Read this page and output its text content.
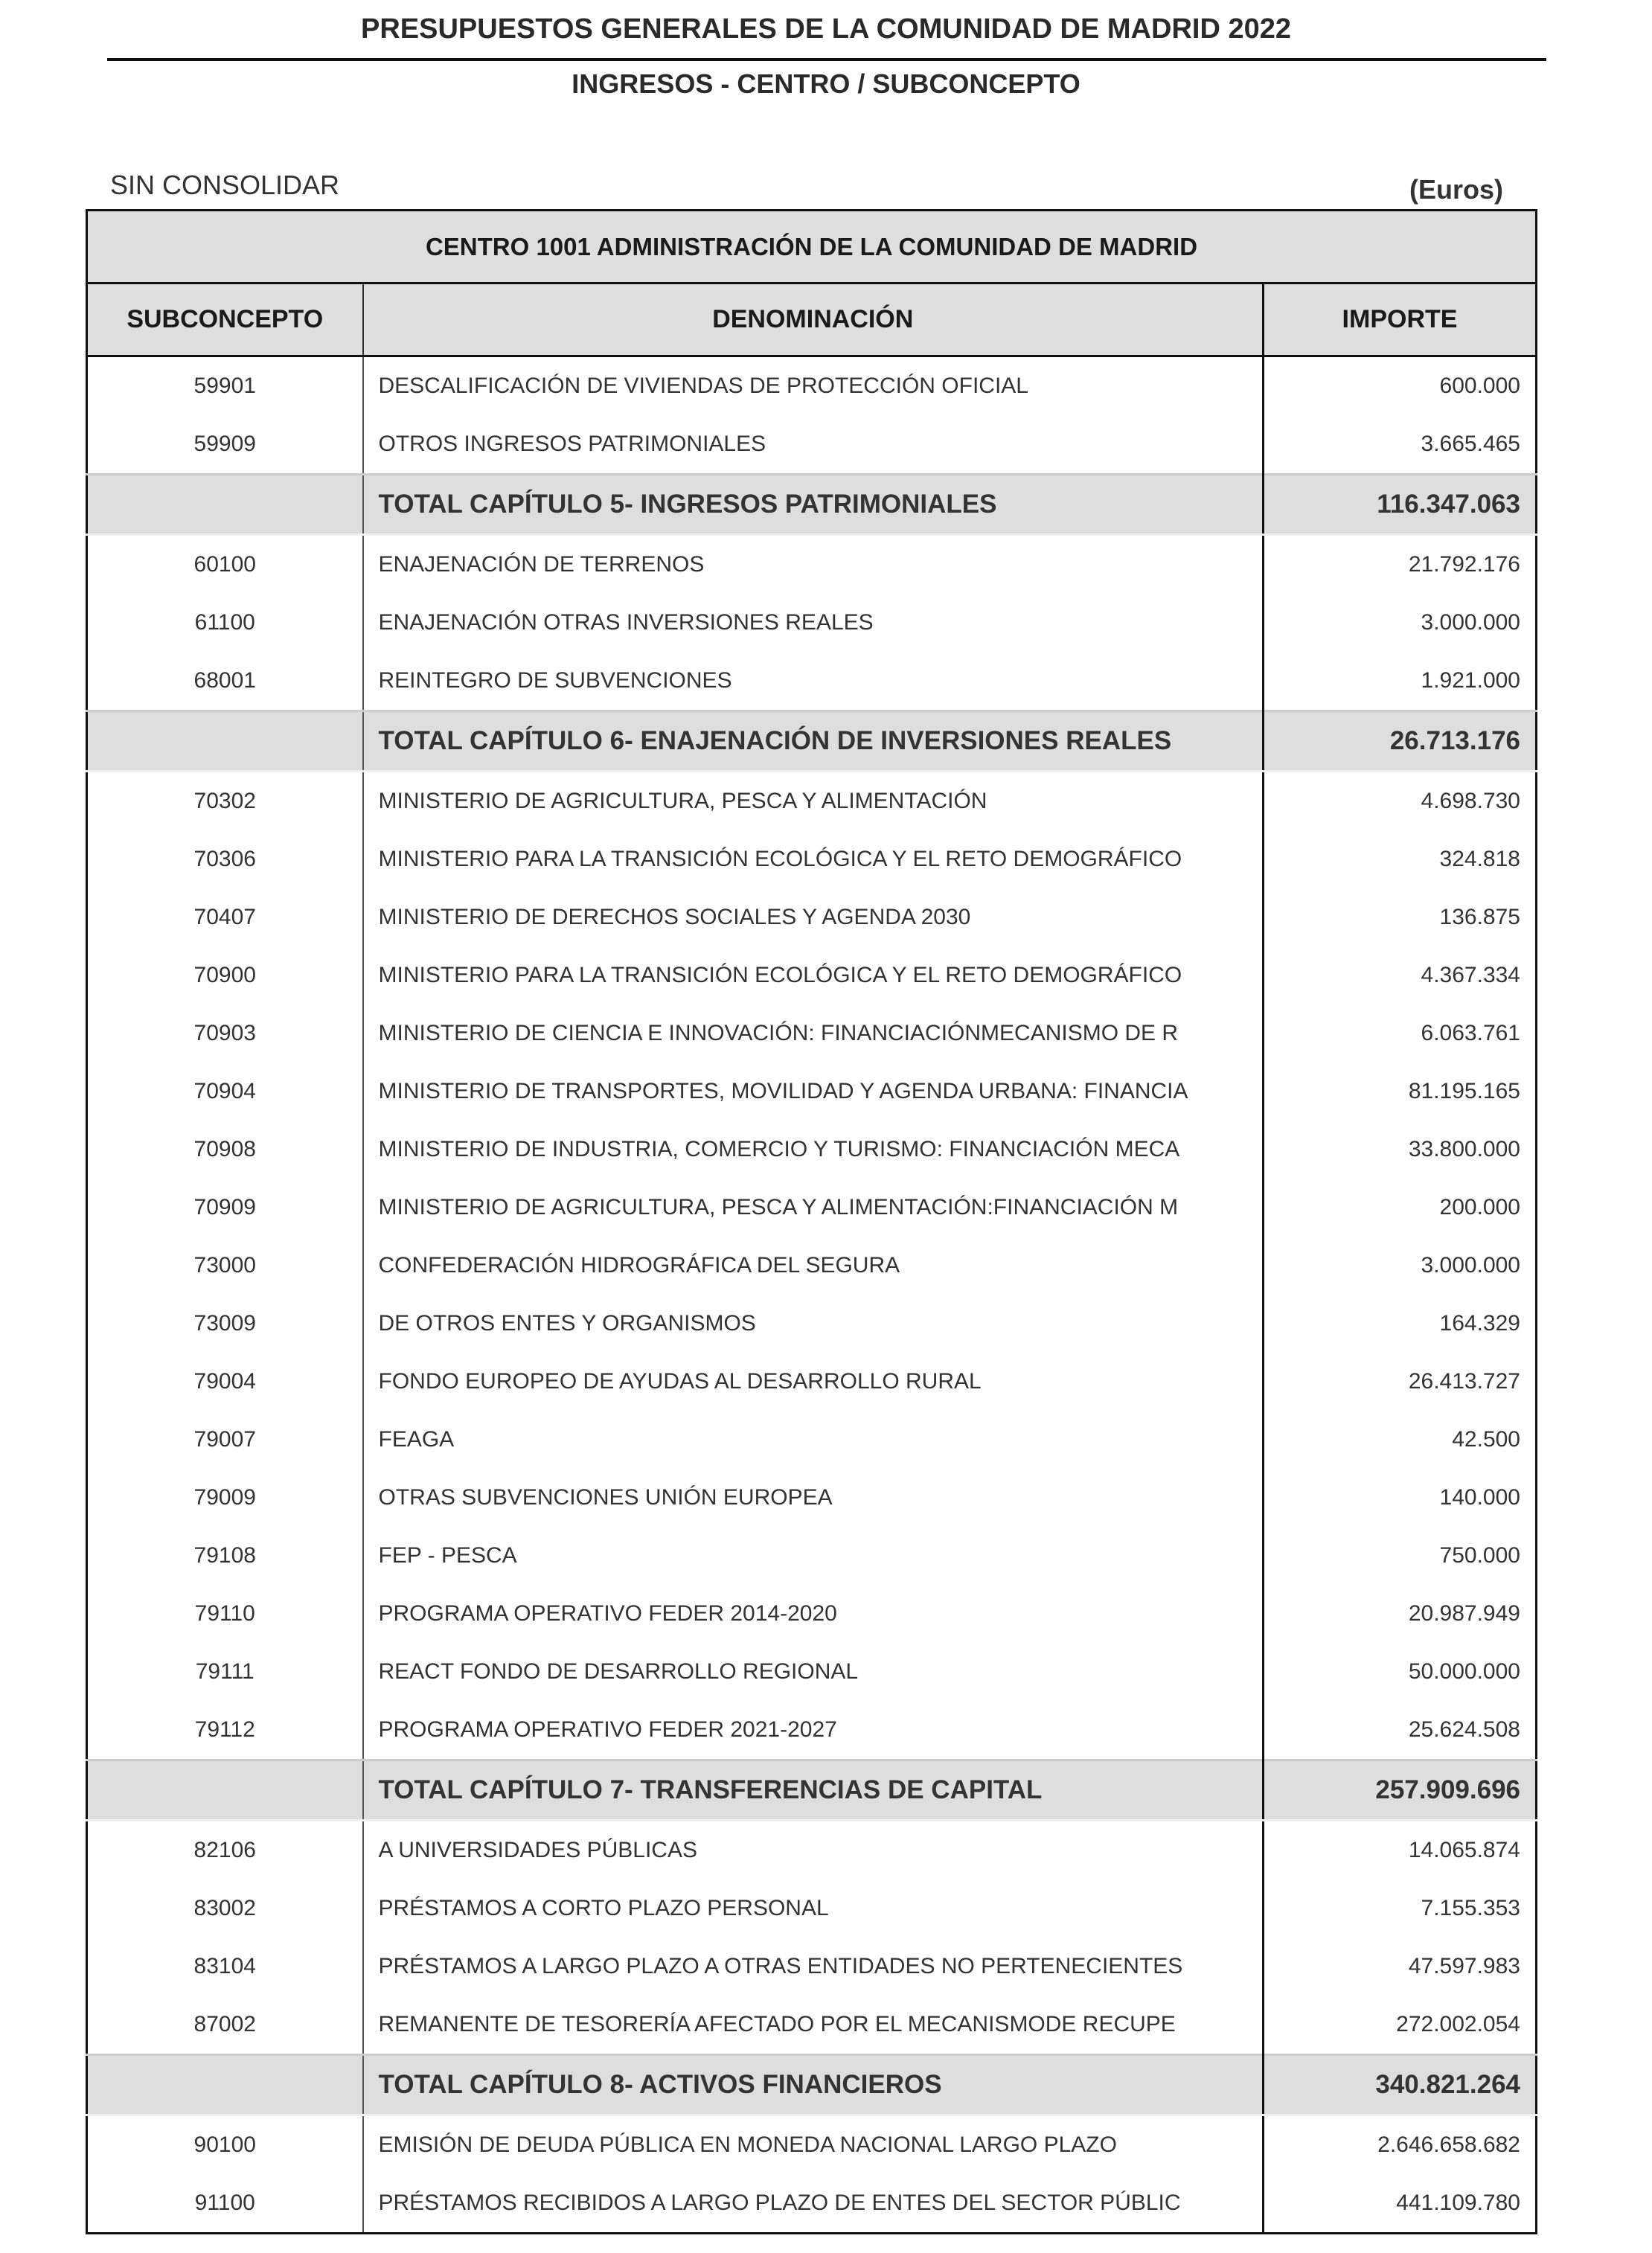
PRESUPUESTOS GENERALES DE LA COMUNIDAD DE MADRID 2022
INGRESOS - CENTRO / SUBCONCEPTO
SIN CONSOLIDAR	(Euros)
CENTRO 1001 ADMINISTRACIÓN DE LA COMUNIDAD DE MADRID		
SUBCONCEPTO	DENOMINACIÓN	IMPORTE
59901	DESCALIFICACIÓN DE VIVIENDAS DE PROTECCIÓN OFICIAL	600.000
59909	OTROS INGRESOS PATRIMONIALES	3.665.465
	TOTAL CAPÍTULO 5- INGRESOS PATRIMONIALES	116.347.063
60100	ENAJENACIÓN DE TERRENOS	21.792.176
61100	ENAJENACIÓN OTRAS INVERSIONES REALES	3.000.000
68001	REINTEGRO DE SUBVENCIONES	1.921.000
	TOTAL CAPÍTULO 6- ENAJENACIÓN DE INVERSIONES REALES	26.713.176
70302	MINISTERIO DE AGRICULTURA, PESCA Y ALIMENTACIÓN	4.698.730
70306	MINISTERIO PARA LA TRANSICIÓN ECOLÓGICA Y EL RETO DEMOGRÁFICO	324.818
70407	MINISTERIO DE DERECHOS SOCIALES Y AGENDA 2030	136.875
70900	MINISTERIO PARA LA TRANSICIÓN ECOLÓGICA Y EL RETO DEMOGRÁFICO	4.367.334
70903	MINISTERIO DE CIENCIA E INNOVACIÓN: FINANCIACIÓNMECANISMO DE R	6.063.761
70904	MINISTERIO DE TRANSPORTES, MOVILIDAD Y AGENDA URBANA: FINANCIA	81.195.165
70908	MINISTERIO DE INDUSTRIA, COMERCIO Y TURISMO: FINANCIACIÓN MECA	33.800.000
70909	MINISTERIO DE AGRICULTURA, PESCA Y ALIMENTACIÓN:FINANCIACIÓN M	200.000
73000	CONFEDERACIÓN HIDROGRÁFICA DEL SEGURA	3.000.000
73009	DE OTROS ENTES Y ORGANISMOS	164.329
79004	FONDO EUROPEO DE AYUDAS AL DESARROLLO RURAL	26.413.727
79007	FEAGA	42.500
79009	OTRAS SUBVENCIONES UNIÓN EUROPEA	140.000
79108	FEP - PESCA	750.000
79110	PROGRAMA OPERATIVO FEDER 2014-2020	20.987.949
79111	REACT FONDO DE DESARROLLO REGIONAL	50.000.000
79112	PROGRAMA OPERATIVO FEDER 2021-2027	25.624.508
	TOTAL CAPÍTULO 7- TRANSFERENCIAS DE CAPITAL	257.909.696
82106	A UNIVERSIDADES PÚBLICAS	14.065.874
83002	PRÉSTAMOS A CORTO PLAZO PERSONAL	7.155.353
83104	PRÉSTAMOS A LARGO PLAZO A OTRAS ENTIDADES NO PERTENECIENTES	47.597.983
87002	REMANENTE DE TESORERÍA AFECTADO POR EL MECANISMODE RECUPE	272.002.054
	TOTAL CAPÍTULO 8- ACTIVOS FINANCIEROS	340.821.264
90100	EMISIÓN DE DEUDA PÚBLICA EN MONEDA NACIONAL LARGO PLAZO	2.646.658.682
91100	PRÉSTAMOS RECIBIDOS A LARGO PLAZO DE ENTES DEL SECTOR PÚBLIC	441.109.780
